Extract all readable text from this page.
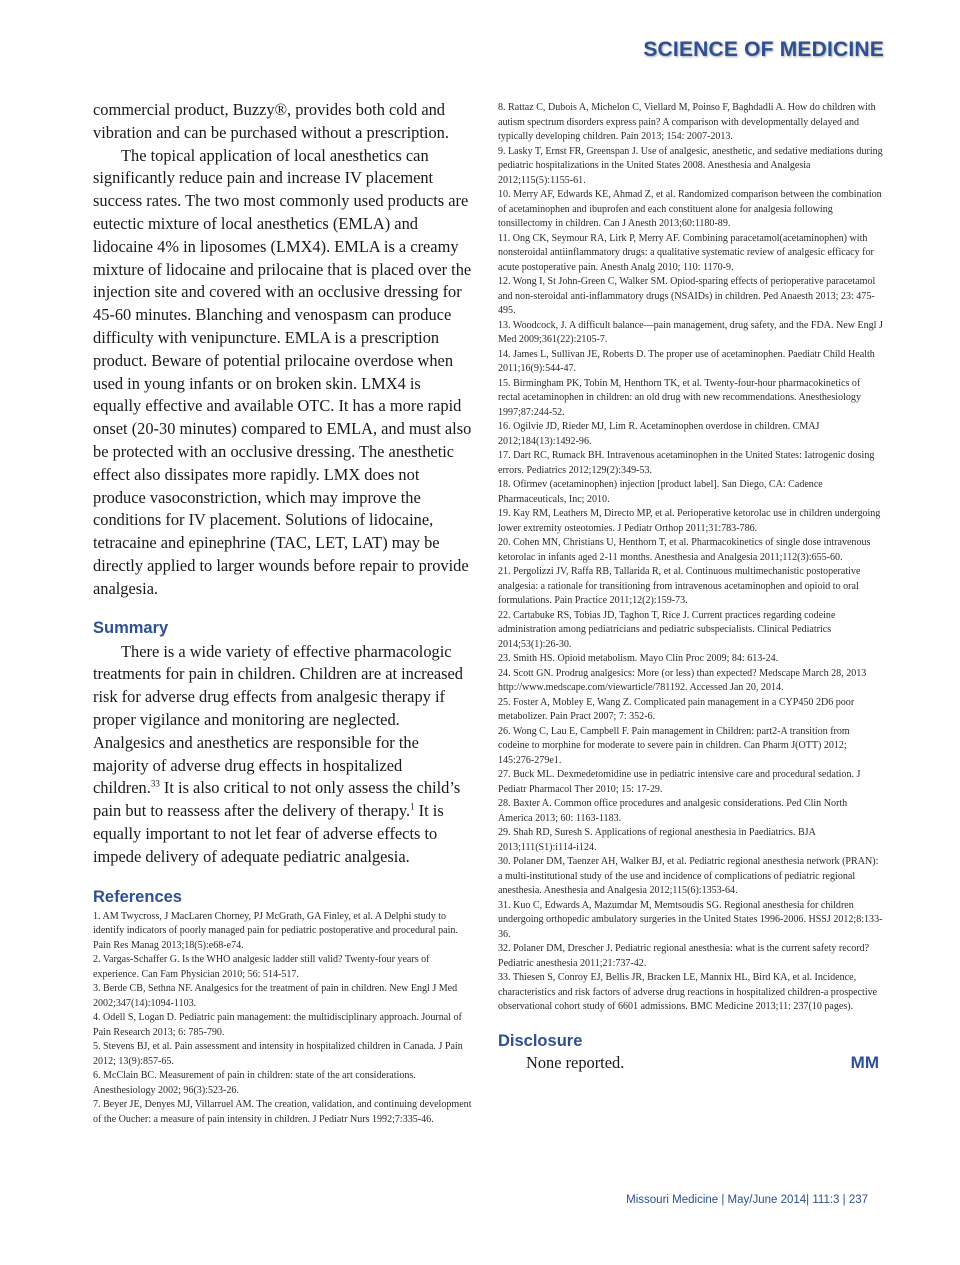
SCIENCE OF MEDICINE

commercial product, Buzzy®, provides both cold and vibration and can be purchased without a prescription.

The topical application of local anesthetics can significantly reduce pain and increase IV placement success rates. The two most commonly used products are eutectic mixture of local anesthetics (EMLA) and lidocaine 4% in liposomes (LMX4). EMLA is a creamy mixture of lidocaine and prilocaine that is placed over the injection site and covered with an occlusive dressing for 45-60 minutes. Blanching and venospasm can produce difficulty with venipuncture. EMLA is a prescription product. Beware of potential prilocaine overdose when used in young infants or on broken skin. LMX4 is equally effective and available OTC. It has a more rapid onset (20-30 minutes) compared to EMLA, and must also be protected with an occlusive dressing. The anesthetic effect also dissipates more rapidly. LMX does not produce vasoconstriction, which may improve the conditions for IV placement. Solutions of lidocaine, tetracaine and epinephrine (TAC, LET, LAT) may be directly applied to larger wounds before repair to provide analgesia.

Summary

There is a wide variety of effective pharmacologic treatments for pain in children. Children are at increased risk for adverse drug effects from analgesic therapy if proper vigilance and monitoring are neglected. Analgesics and anesthetics are responsible for the majority of adverse drug effects in hospitalized children.$^{33}$ It is also critical to not only assess the child’s pain but to reassess after the delivery of therapy.$^1$ It is equally important to not let fear of adverse effects to impede delivery of adequate pediatric analgesia.

References
1. AM Twycross, J MacLaren Chorney, PJ McGrath, GA Finley, et al. A Delphi study to identify indicators of poorly managed pain for pediatric postoperative and procedural pain. Pain Res Manag 2013;18(5):e68-e74.
2. Vargas-Schaffer G. Is the WHO analgesic ladder still valid? Twenty-four years of experience. Can Fam Physician 2010; 56: 514-517.
3. Berde CB, Sethna NF. Analgesics for the treatment of pain in children. New Engl J Med 2002;347(14):1094-1103.
4. Odell S, Logan D. Pediatric pain management: the multidisciplinary approach. Journal of Pain Research 2013; 6: 785-790.
5. Stevens BJ, et al. Pain assessment and intensity in hospitalized children in Canada. J Pain 2012; 13(9):857-65.
6. McClain BC. Measurement of pain in children: state of the art considerations. Anesthesiology 2002; 96(3):523-26.
7. Beyer JE, Denyes MJ, Villarruel AM. The creation, validation, and continuing development of the Oucher: a measure of pain intensity in children. J Pediatr Nurs 1992;7:335-46.
8. Rattaz C, Dubois A, Michelon C, Viellard M, Poinso F, Baghdadli A. How do children with autism spectrum disorders express pain? A comparison with developmentally delayed and typically developing children. Pain 2013; 154: 2007-2013.
9. Lasky T, Ernst FR, Greenspan J. Use of analgesic, anesthetic, and sedative mediations during pediatric hospitalizations in the United States 2008. Anesthesia and Analgesia 2012;115(5):1155-61.
10. Merry AF, Edwards KE, Ahmad Z, et al. Randomized comparison between the combination of acetaminophen and ibuprofen and each constituent alone for analgesia following tonsillectomy in children. Can J Anesth 2013;60:1180-89.
11. Ong CK, Seymour RA, Lirk P, Merry AF. Combining paracetamol(acetaminophen) with nonsteroidal antiinflammatory drugs: a qualitative systematic review of analgesic efficacy for acute postoperative pain. Anesth Analg 2010; 110: 1170-9.
12. Wong I, St John-Green C, Walker SM. Opiod-sparing effects of perioperative paracetamol and non-steroidal anti-inflammatory drugs (NSAIDs) in children. Ped Anaesth 2013; 23: 475-495.
13. Woodcock, J. A difficult balance—pain management, drug safety, and the FDA. New Engl J Med 2009;361(22):2105-7.
14. James L, Sullivan JE, Roberts D. The proper use of acetaminophen. Paediatr Child Health 2011;16(9):544-47.
15. Birmingham PK, Tobin M, Henthorn TK, et al. Twenty-four-hour pharmacokinetics of rectal acetaminophen in children: an old drug with new recommendations. Anesthesiology 1997;87:244-52.
16. Ogilvie JD, Rieder MJ, Lim R. Acetaminophen overdose in children. CMAJ 2012;184(13):1492-96.
17. Dart RC, Rumack BH. Intravenous acetaminophen in the United States: Iatrogenic dosing errors. Pediatrics 2012;129(2):349-53.
18. Ofirmev (acetaminophen) injection [product label]. San Diego, CA: Cadence Pharmaceuticals, Inc; 2010.
19. Kay RM, Leathers M, Directo MP, et al. Perioperative ketorolac use in children undergoing lower extremity osteotomies. J Pediatr Orthop 2011;31:783-786.
20. Cohen MN, Christians U, Henthorn T, et al. Pharmacokinetics of single dose intravenous ketorolac in infants aged 2-11 months. Anesthesia and Analgesia 2011;112(3):655-60.
21. Pergolizzi JV, Raffa RB, Tallarida R, et al. Continuous multimechanistic postoperative analgesia: a rationale for transitioning from intravenous acetaminophen and opioid to oral formulations. Pain Practice 2011;12(2):159-73.
22. Cartabuke RS, Tobias JD, Taghon T, Rice J. Current practices regarding codeine administration among pediatricians and pediatric subspecialists. Clinical Pediatrics 2014;53(1):26-30.
23. Smith HS. Opioid metabolism. Mayo Clin Proc 2009; 84: 613-24.
24. Scott GN. Prodrug analgesics: More (or less) than expected? Medscape March 28, 2013 http://www.medscape.com/viewarticle/781192. Accessed Jan 20, 2014.
25. Foster A, Mobley E, Wang Z. Complicated pain management in a CYP450 2D6 poor metabolizer. Pain Pract 2007; 7: 352-6.
26. Wong C, Lau E, Campbell F. Pain management in Children: part2-A transition from codeine to morphine for moderate to severe pain in children. Can Pharm J(OTT) 2012; 145:276-279e1.
27. Buck ML. Dexmedetomidine use in pediatric intensive care and procedural sedation. J Pediatr Pharmacol Ther 2010; 15: 17-29.
28. Baxter A. Common office procedures and analgesic considerations. Ped Clin North America 2013; 60: 1163-1183.
29. Shah RD, Suresh S. Applications of regional anesthesia in Paediatrics. BJA 2013;111(S1):i114-i124.
30. Polaner DM, Taenzer AH, Walker BJ, et al. Pediatric regional anesthesia network (PRAN): a multi-institutional study of the use and incidence of complications of pediatric regional anesthesia. Anesthesia and Analgesia 2012;115(6):1353-64.
31. Kuo C, Edwards A, Mazumdar M, Memtsoudis SG. Regional anesthesia for children undergoing orthopedic ambulatory surgeries in the United States 1996-2006. HSSJ 2012;8:133-36.
32. Polaner DM, Drescher J. Pediatric regional anesthesia: what is the current safety record? Pediatric anesthesia 2011;21:737-42.
33. Thiesen S, Conroy EJ, Bellis JR, Bracken LE, Mannix HL, Bird KA, et al. Incidence, characteristics and risk factors of adverse drug reactions in hospitalized children-a prospective observational cohort study of 6601 admissions. BMC Medicine 2013;11: 237(10 pages).
Disclosure
None reported.	MM
Missouri Medicine | May/June 2014| 111:3 | 237
